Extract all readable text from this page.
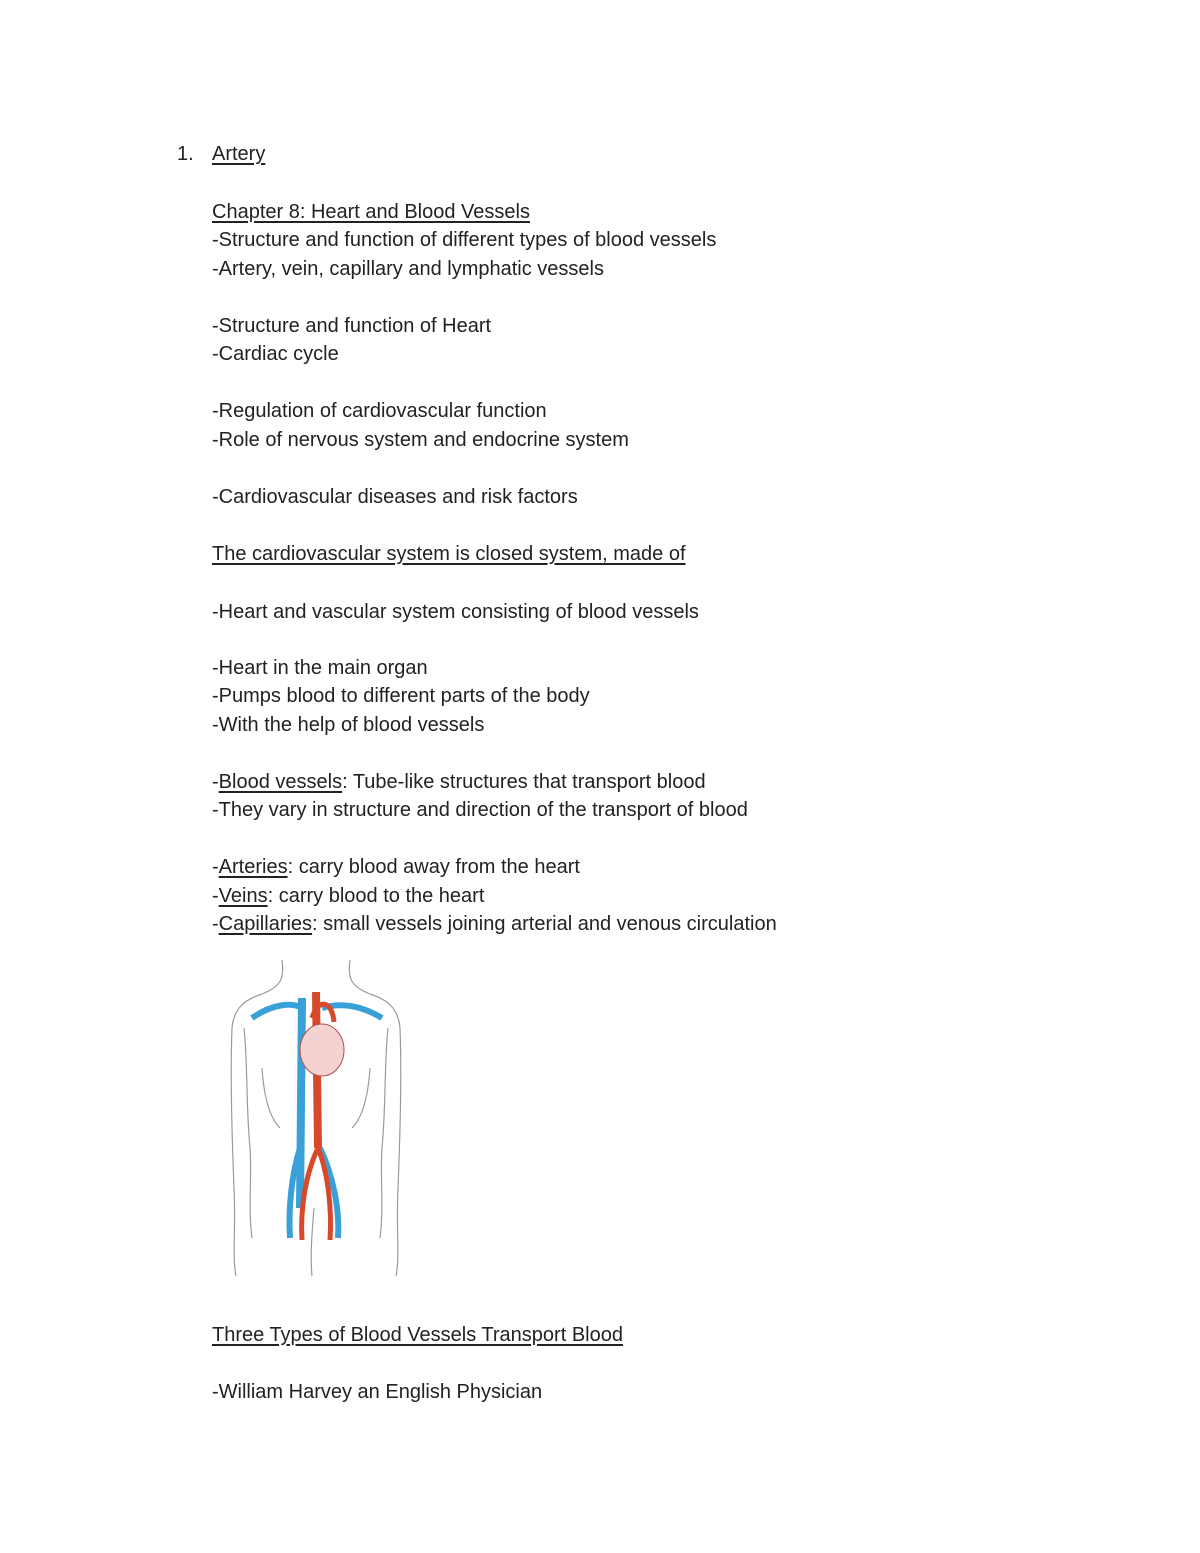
1. Artery
Chapter 8: Heart and Blood Vessels
-Structure and function of different types of blood vessels
-Artery, vein, capillary and lymphatic vessels
-Structure and function of Heart
-Cardiac cycle
-Regulation of cardiovascular function
-Role of nervous system and endocrine system
-Cardiovascular diseases and risk factors
The cardiovascular system is closed system, made of
-Heart and vascular system consisting of blood vessels
-Heart in the main organ
-Pumps blood to different parts of the body
-With the help of blood vessels
-Blood vessels: Tube-like structures that transport blood
-They vary in structure and direction of the transport of blood
-Arteries: carry blood away from the heart
-Veins: carry blood to the heart
-Capillaries: small vessels joining arterial and venous circulation
Three Types of Blood Vessels Transport Blood
-William Harvey an English Physician
